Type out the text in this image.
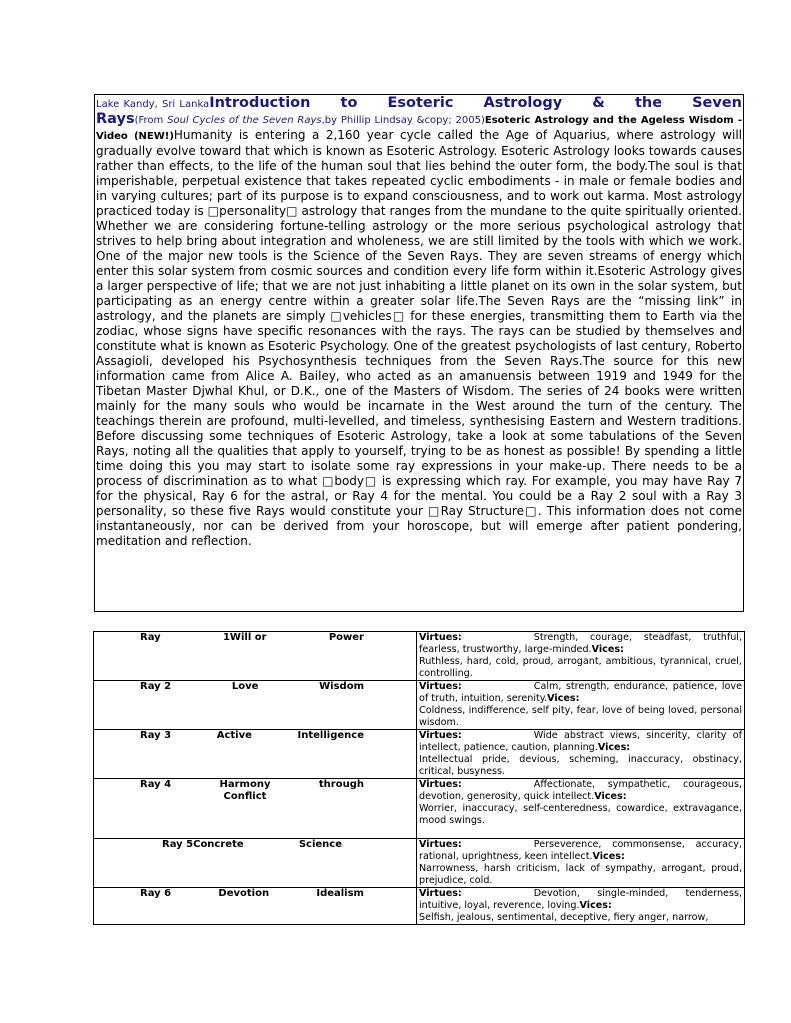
Lake Kandy, Sri LankaIntroduction to Esoteric Astrology & the Seven Rays(From Soul Cycles of the Seven Rays,by Phillip Lindsay &copy; 2005)Esoteric Astrology and the Ageless Wisdom - Video (NEW!)Humanity is entering a 2,160 year cycle called the Age of Aquarius, where astrology will gradually evolve toward that which is known as Esoteric Astrology. Esoteric Astrology looks towards causes rather than effects, to the life of the human soul that lies behind the outer form, the body.The soul is that imperishable, perpetual existence that takes repeated cyclic embodiments - in male or female bodies and in varying cultures; part of its purpose is to expand consciousness, and to work out karma. Most astrology practiced today is □personality□ astrology that ranges from the mundane to the quite spiritually oriented. Whether we are considering fortune-telling astrology or the more serious psychological astrology that strives to help bring about integration and wholeness, we are still limited by the tools with which we work. One of the major new tools is the Science of the Seven Rays. They are seven streams of energy which enter this solar system from cosmic sources and condition every life form within it.Esoteric Astrology gives a larger perspective of life; that we are not just inhabiting a little planet on its own in the solar system, but participating as an energy centre within a greater solar life.The Seven Rays are the “missing link” in astrology, and the planets are simply □vehicles□ for these energies, transmitting them to Earth via the zodiac, whose signs have specific resonances with the rays. The rays can be studied by themselves and constitute what is known as Esoteric Psychology. One of the greatest psychologists of last century, Roberto Assagioli, developed his Psychosynthesis techniques from the Seven Rays.The source for this new information came from Alice A. Bailey, who acted as an amanuensis between 1919 and 1949 for the Tibetan Master Djwhal Khul, or D.K., one of the Masters of Wisdom. The series of 24 books were written mainly for the many souls who would be incarnate in the West around the turn of the century. The teachings therein are profound, multi-levelled, and timeless, synthesising Eastern and Western traditions. Before discussing some techniques of Esoteric Astrology, take a look at some tabulations of the Seven Rays, noting all the qualities that apply to yourself, trying to be as honest as possible! By spending a little time doing this you may start to isolate some ray expressions in your make-up. There needs to be a process of discrimination as to what □body□ is expressing which ray. For example, you may have Ray 7 for the physical, Ray 6 for the astral, or Ray 4 for the mental. You could be a Ray 2 soul with a Ray 3 personality, so these five Rays would constitute your □Ray Structure□. This information does not come instantaneously, nor can be derived from your horoscope, but will emerge after patient pondering, meditation and reflection.

Ray 1Will or Power	Virtues: Strength, courage, steadfast, truthful, fearless, trustworthy, large-minded.Vices:
Ruthless, hard, cold, proud, arrogant, ambitious, tyrannical, cruel, controlling.

Ray 2 Love Wisdom	Virtues: Calm, strength, endurance, patience, love of truth, intuition, serenity.Vices:
Coldness, indifference, self pity, fear, love of being loved, personal wisdom.

Ray 3 Active Intelligence	Virtues: Wide abstract views, sincerity, clarity of intellect, patience, caution, planning.Vices:
Intellectual pride, devious, scheming, inaccuracy, obstinacy, critical, busyness.

Ray 4 Harmony
Conflict
through	Virtues: Affectionate, sympathetic, courageous, devotion, generosity, quick intellect.Vices:
Worrier, inaccuracy, self-centeredness, cowardice, extravagance, mood swings.

Ray 5Concrete Science	Virtues: Perseverence, commonsense, accuracy, rational, uprightness, keen intellect.Vices:
Narrowness, harsh criticism, lack of sympathy, arrogant, proud, prejudice, cold.

Ray 6 Devotion Idealism	Virtues: Devotion, single-minded, tenderness, intuitive, loyal, reverence, loving.Vices:
Selfish, jealous, sentimental, deceptive, fiery anger, narrow,
